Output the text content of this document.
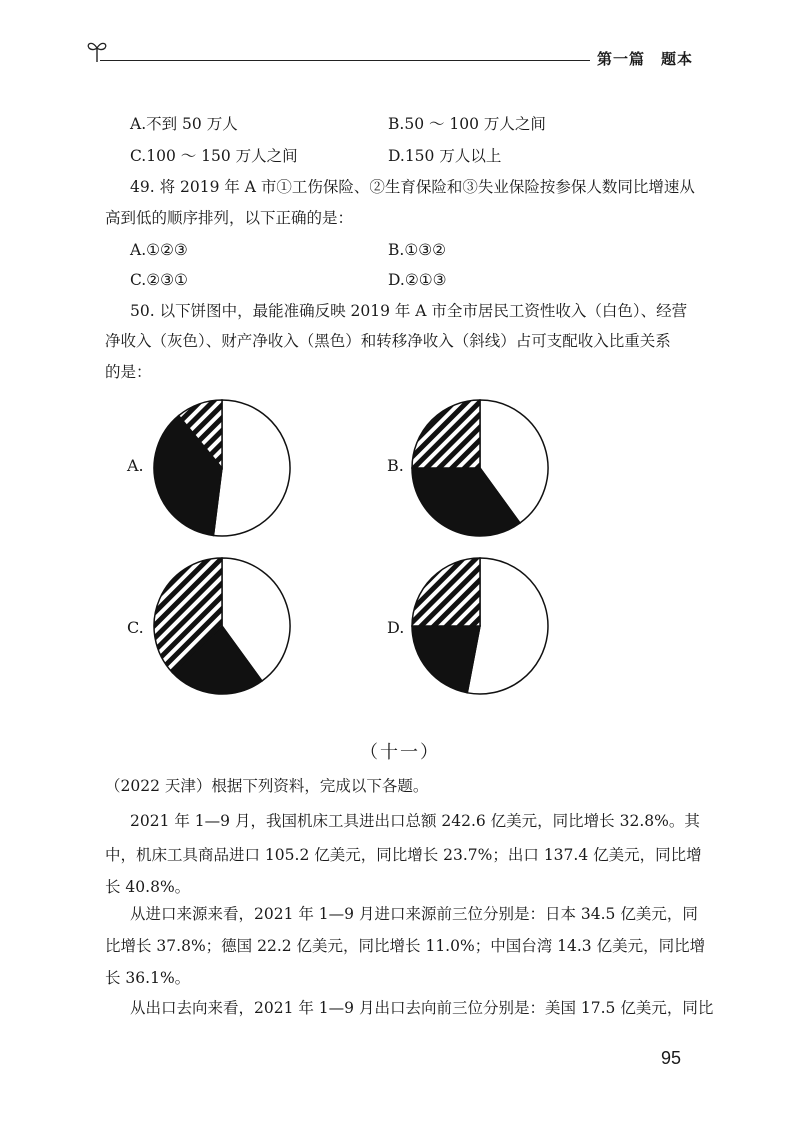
第一篇　题本
A.不到 50 万人	B.50 ～ 100 万人之间
C.100 ～ 150 万人之间	D.150 万人以上
49. 将 2019 年 A 市①工伤保险、②生育保险和③失业保险按参保人数同比增速从
高到低的顺序排列，以下正确的是：
A.①②③	B.①③②
C.②③①	D.②①③
50. 以下饼图中，最能准确反映 2019 年 A 市全市居民工资性收入（白色）、经营
净收入（灰色）、财产净收入（黑色）和转移净收入（斜线）占可支配收入比重关系
的是：
A.	B.
C.	D.
（十一）
（2022 天津）根据下列资料，完成以下各题。
2021 年 1—9 月，我国机床工具进出口总额 242.6 亿美元，同比增长 32.8%。其
中，机床工具商品进口 105.2 亿美元，同比增长 23.7%；出口 137.4 亿美元，同比增
长 40.8%。
从进口来源来看，2021 年 1—9 月进口来源前三位分别是：日本 34.5 亿美元，同
比增长 37.8%；德国 22.2 亿美元，同比增长 11.0%；中国台湾 14.3 亿美元，同比增
长 36.1%。
从出口去向来看，2021 年 1—9 月出口去向前三位分别是：美国 17.5 亿美元，同比
95
